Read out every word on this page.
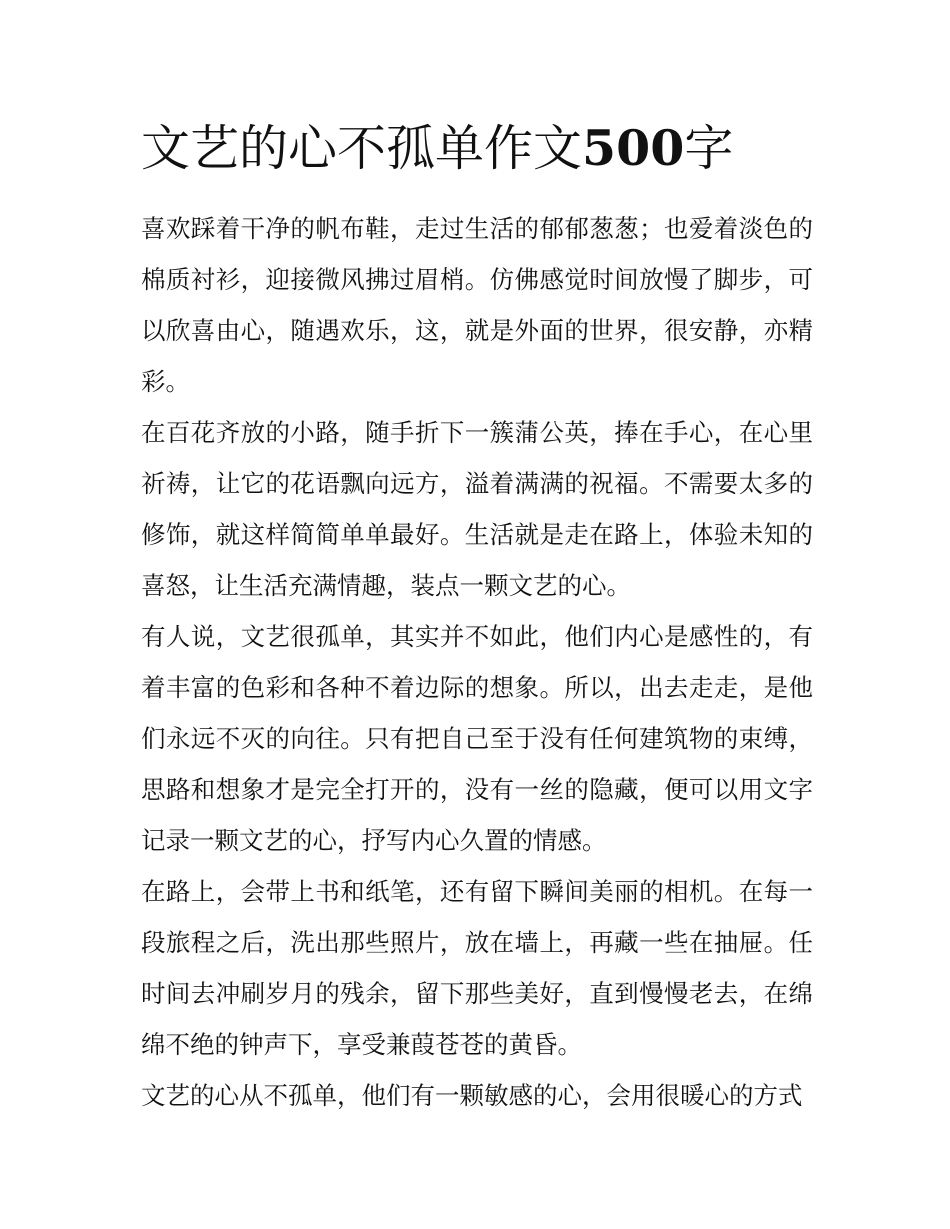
文艺的心不孤单作文500字

喜欢踩着干净的帆布鞋，走过生活的郁郁葱葱；也爱着淡色的棉质衬衫，迎接微风拂过眉梢。仿佛感觉时间放慢了脚步，可以欣喜由心，随遇欢乐，这，就是外面的世界，很安静，亦精彩。

在百花齐放的小路，随手折下一簇蒲公英，捧在手心，在心里祈祷，让它的花语飘向远方，溢着满满的祝福。不需要太多的修饰，就这样简简单单最好。生活就是走在路上，体验未知的喜怒，让生活充满情趣，装点一颗文艺的心。

有人说，文艺很孤单，其实并不如此，他们内心是感性的，有着丰富的色彩和各种不着边际的想象。所以，出去走走，是他们永远不灭的向往。只有把自己至于没有任何建筑物的束缚，思路和想象才是完全打开的，没有一丝的隐藏，便可以用文字记录一颗文艺的心，抒写内心久置的情感。

在路上，会带上书和纸笔，还有留下瞬间美丽的相机。在每一段旅程之后，洗出那些照片，放在墙上，再藏一些在抽屉。任时间去冲刷岁月的残余，留下那些美好，直到慢慢老去，在绵绵不绝的钟声下，享受兼葭苍苍的黄昏。

文艺的心从不孤单，他们有一颗敏感的心，会用很暖心的方式
